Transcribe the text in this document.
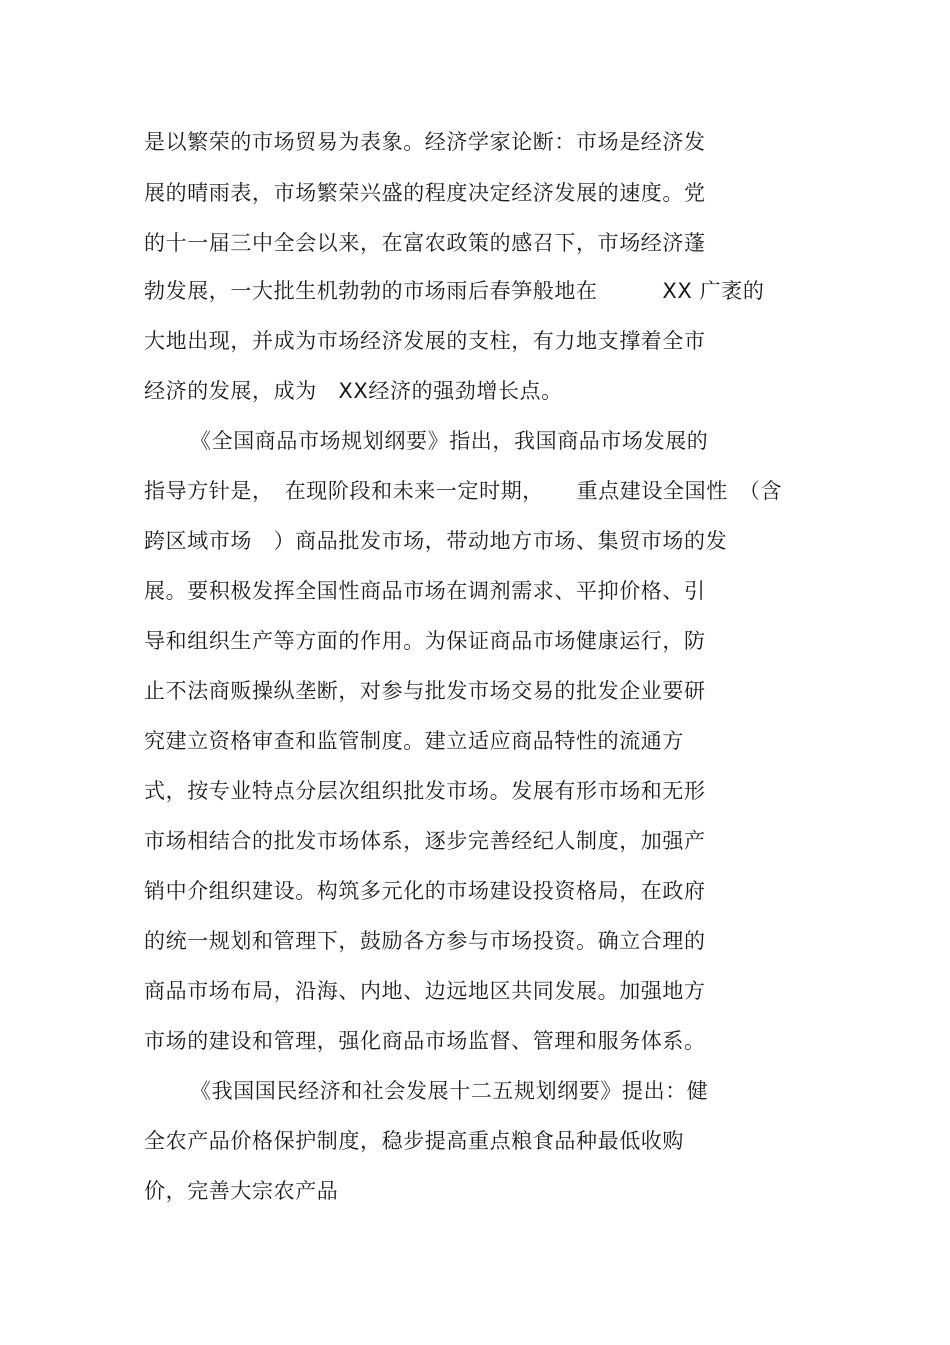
是以繁荣的市场贸易为表象。经济学家论断：市场是经济发
展的晴雨表，市场繁荣兴盛的程度决定经济发展的速度。党
的十一届三中全会以来，在富农政策的感召下，市场经济蓬
勃发展，一大批生机勃勃的市场雨后春笋般地在　　　XX 广袤的
大地出现，并成为市场经济发展的支柱，有力地支撑着全市
经济的发展，成为　XX经济的强劲增长点。
《全国商品市场规划纲要》指出，我国商品市场发展的
指导方针是，　在现阶段和未来一定时期，　　重点建设全国性　（含
跨区域市场　）商品批发市场，带动地方市场、集贸市场的发
展。要积极发挥全国性商品市场在调剂需求、平抑价格、引
导和组织生产等方面的作用。为保证商品市场健康运行，防
止不法商贩操纵垄断，对参与批发市场交易的批发企业要研
究建立资格审查和监管制度。建立适应商品特性的流通方
式，按专业特点分层次组织批发市场。发展有形市场和无形
市场相结合的批发市场体系，逐步完善经纪人制度，加强产
销中介组织建设。构筑多元化的市场建设投资格局，在政府
的统一规划和管理下，鼓励各方参与市场投资。确立合理的
商品市场布局，沿海、内地、边远地区共同发展。加强地方
市场的建设和管理，强化商品市场监督、管理和服务体系。
《我国国民经济和社会发展十二五规划纲要》提出：健
全农产品价格保护制度，稳步提高重点粮食品种最低收购
价，完善大宗农产品
